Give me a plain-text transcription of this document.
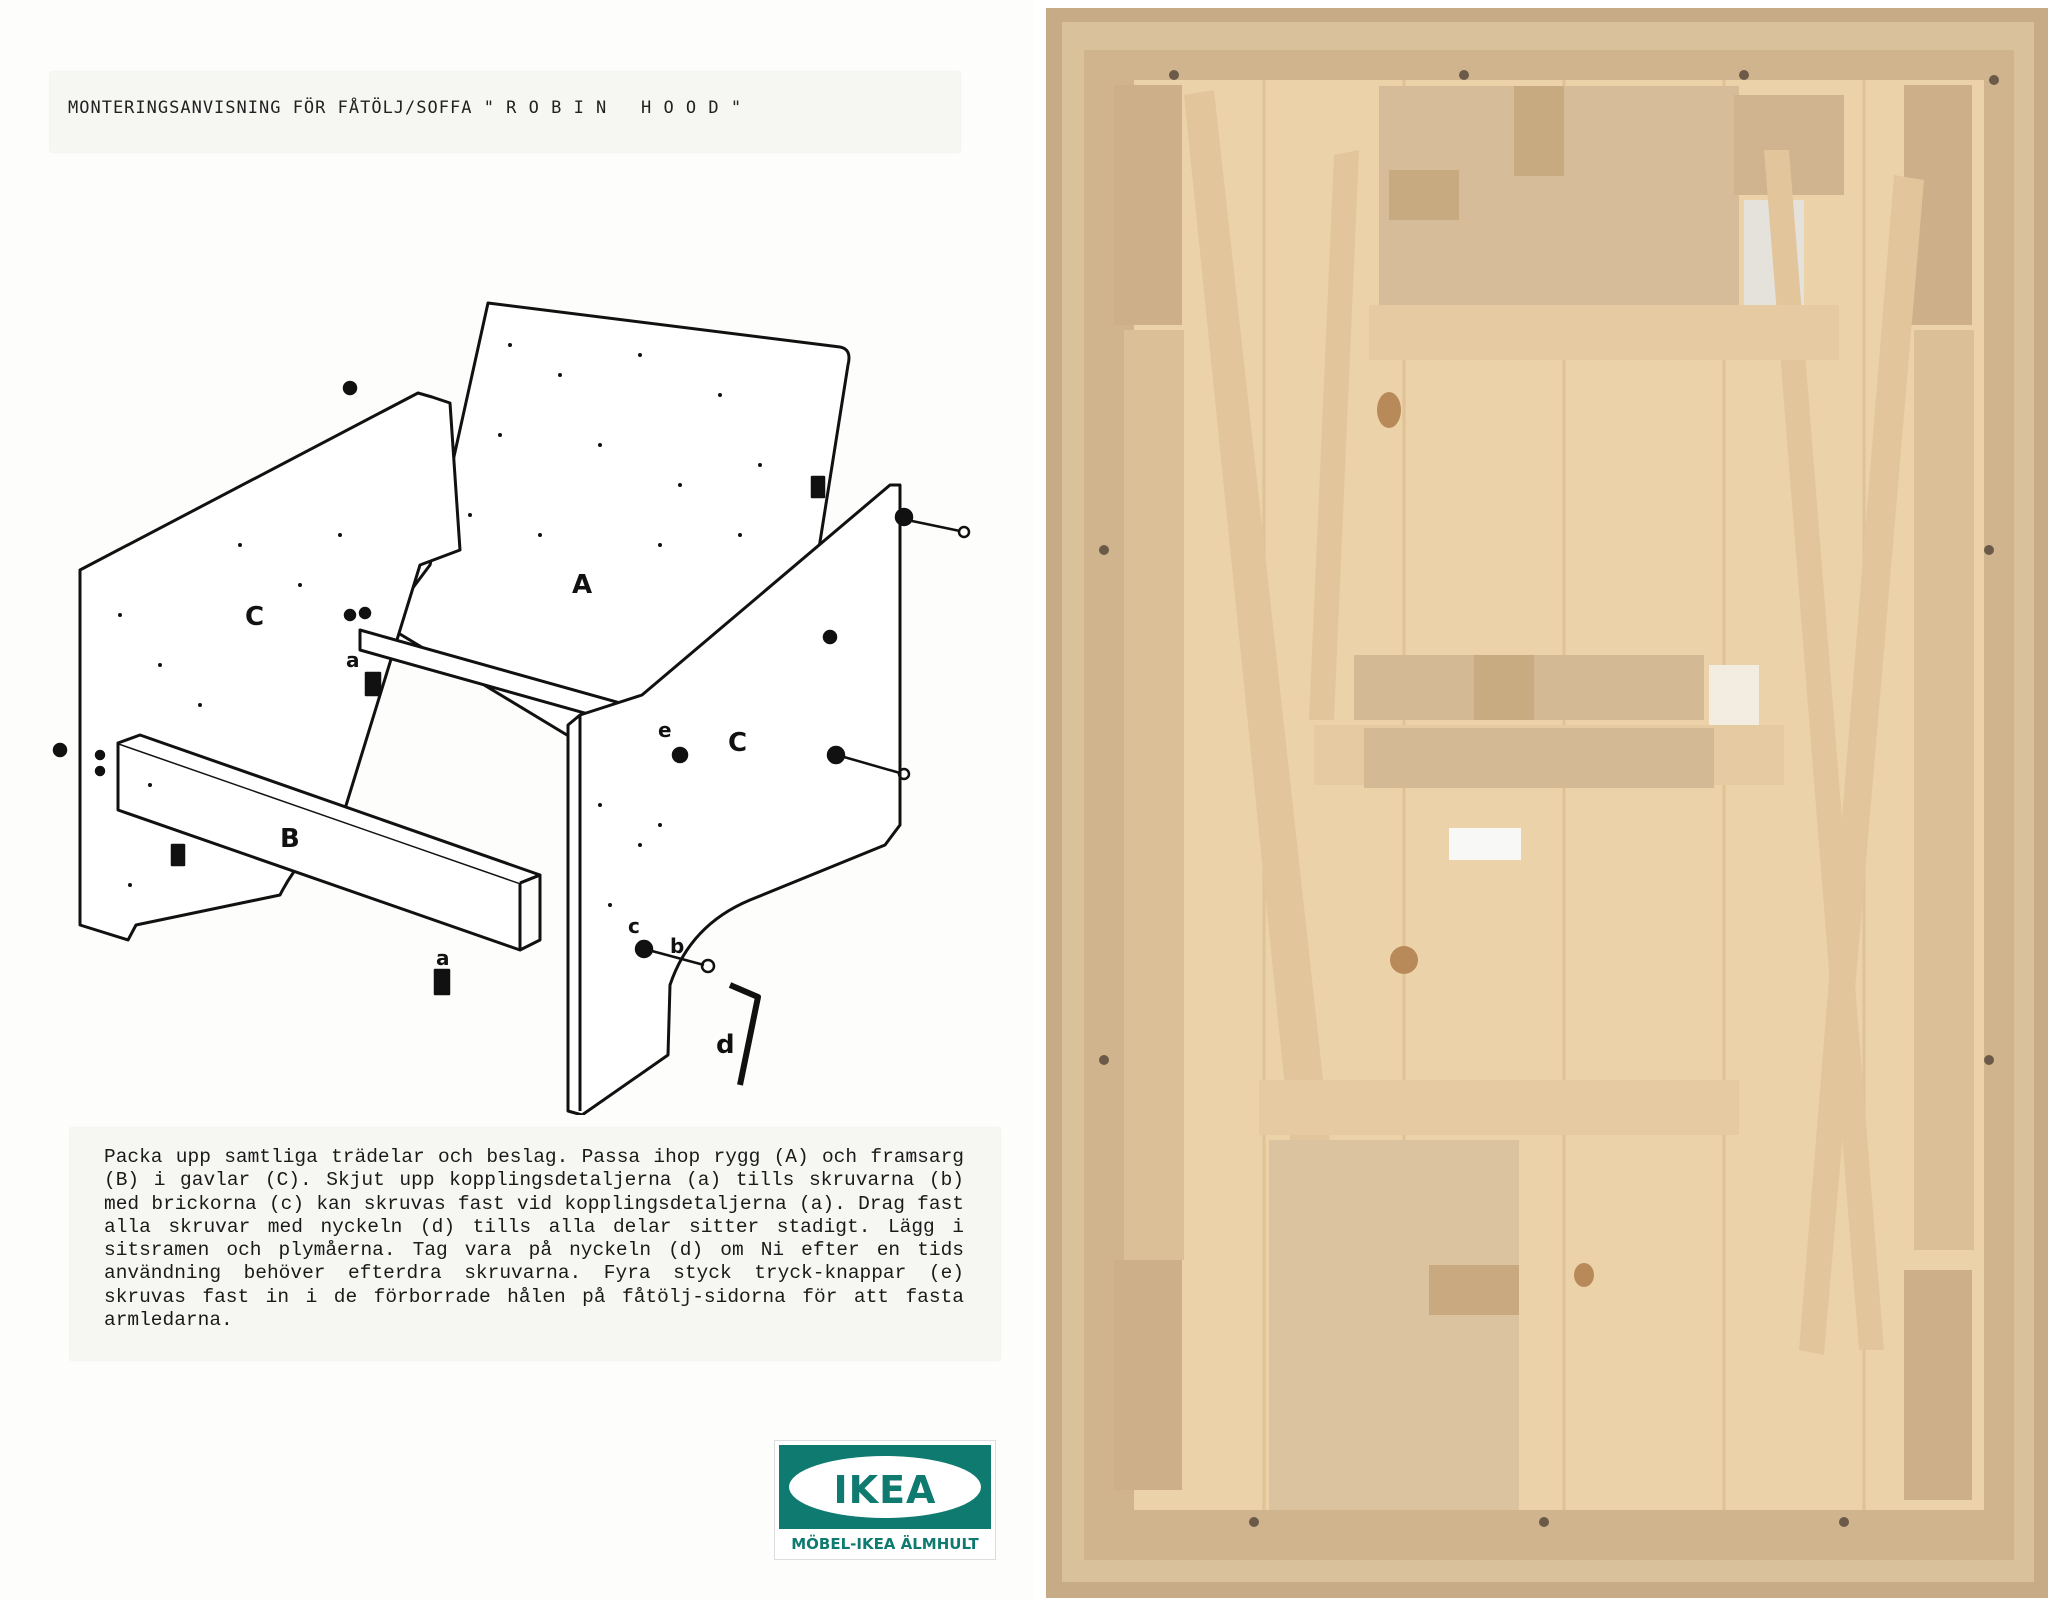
MONTERINGSANVISNING FÖR FÅTÖLJ/SOFFA " R O B I N   H O O D "
A
C
C
B
a
a	b
c
d
e
Packa upp samtliga trädelar och beslag. Passa ihop rygg (A) och framsarg (B) i gavlar (C). Skjut upp kopplingsdetaljerna (a) tills skruvarna (b) med brickorna (c) kan skruvas fast vid kopplingsdetaljerna (a). Drag fast alla skruvar med nyckeln (d) tills alla delar sitter stadigt. Lägg i sitsramen och plymåerna. Tag vara på nyckeln (d) om Ni efter en tids användning behöver efterdra skruvarna. Fyra styck tryck-knappar (e) skruvas fast in i de förborrade hålen på fåtölj-sidorna för att fasta armledarna.
IKEA
MÖBEL-IKEA ÄLMHULT
